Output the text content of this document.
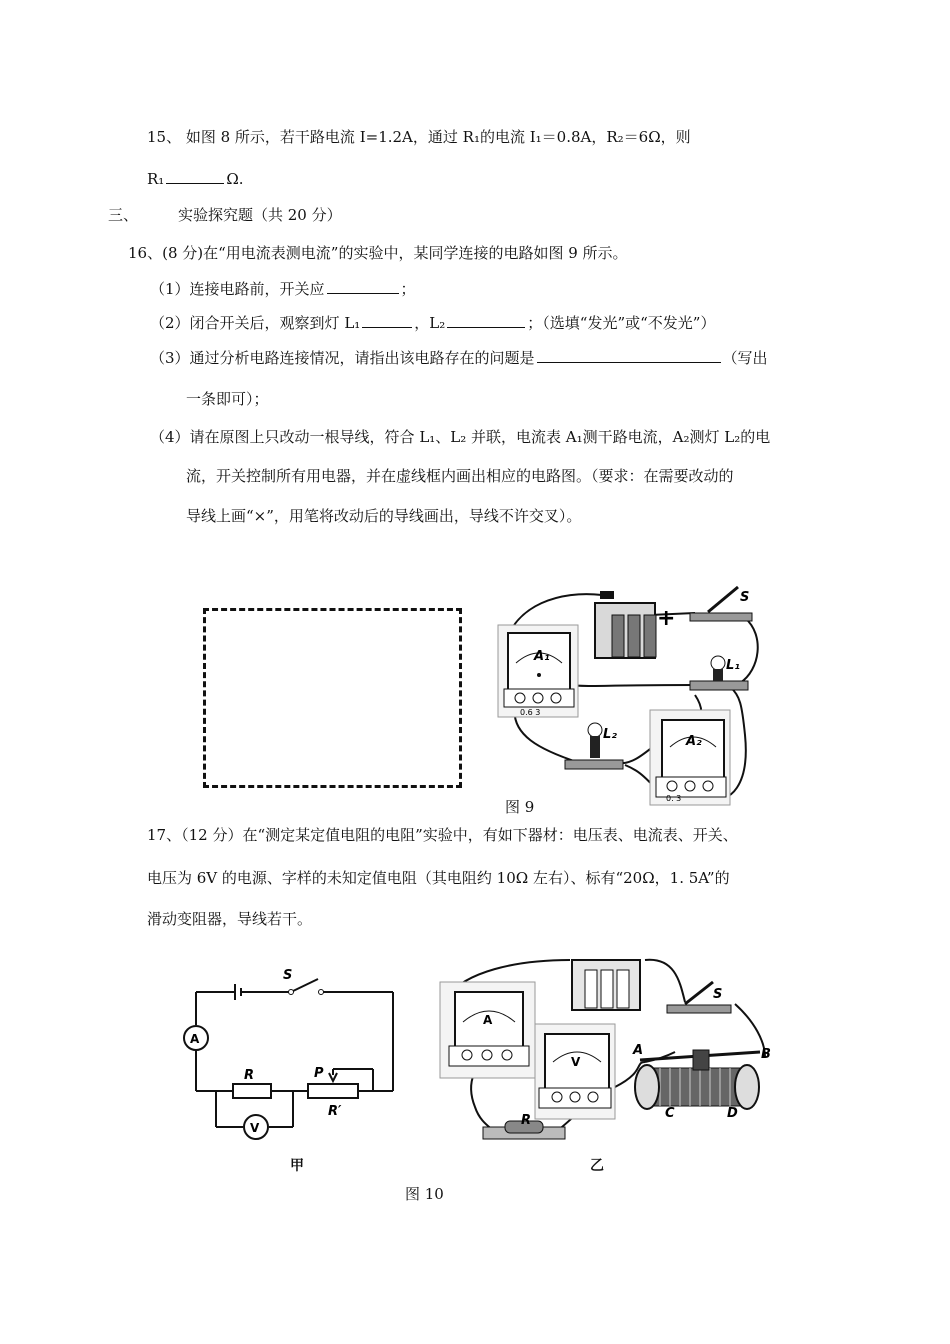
15、 如图 8 所示，若干路电流 I=1.2A，通过 R₁的电流 I₁＝0.8A，R₂＝6Ω，则
R₁	Ω.
三、	实验探究题（共 20 分）
16、(8 分)在“用电流表测电流”的实验中，某同学连接的电路如图 9 所示。
（1）连接电路前，开关应	；
（2）闭合开关后，观察到灯 L₁	，L₂	；（选填“发光”或“不发光”）
（3）通过分析电路连接情况，请指出该电路存在的问题是	（写出
一条即可）；
（4）请在原图上只改动一根导线，符合 L₁、L₂ 并联，电流表 A₁测干路电流，A₂测灯 L₂的电
流，开关控制所有用电器，并在虚线框内画出相应的电路图。（要求：在需要改动的
导线上画“×”，用笔将改动后的导线画出，导线不许交叉）。
+
S
L₁
L₂
A₁
0.6 3
A₂
0. 3
图 9
17、（12 分）在“测定某定值电阻的电阻”实验中，有如下器材：电压表、电流表、开关、
电压为 6V 的电源、字样的未知定值电阻（其电阻约 10Ω 左右）、标有“20Ω，1. 5A”的
滑动变阻器，导线若干。
A
V
S
R	P
R′
甲
S
A
V
R
A	B
C	D
乙
图 10
